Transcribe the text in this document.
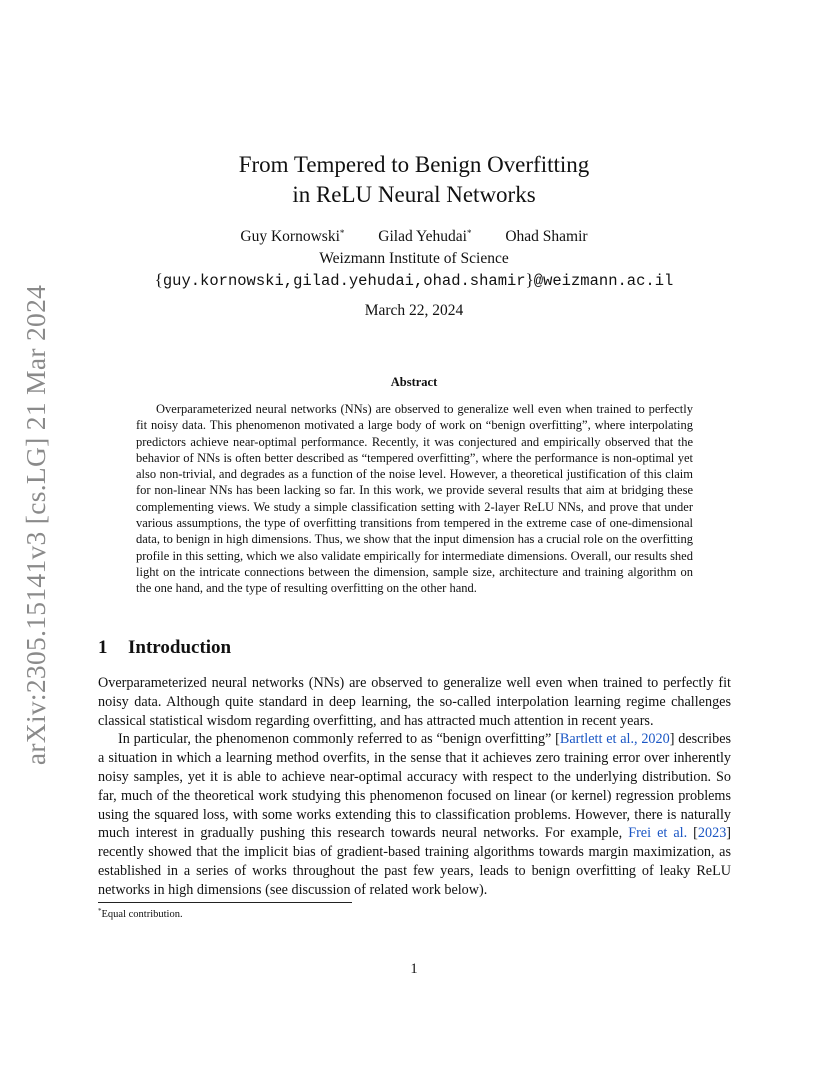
arXiv:2305.15141v3 [cs.LG] 21 Mar 2024
From Tempered to Benign Overfitting
in ReLU Neural Networks
Guy Kornowski* Gilad Yehudai* Ohad Shamir
Weizmann Institute of Science
{guy.kornowski,gilad.yehudai,ohad.shamir}@weizmann.ac.il
March 22, 2024
Abstract

Overparameterized neural networks (NNs) are observed to generalize well even when trained to perfectly fit noisy data. This phenomenon motivated a large body of work on “benign overfitting”, where interpolating predictors achieve near-optimal performance. Recently, it was conjectured and empirically observed that the behavior of NNs is often better described as “tempered overfitting”, where the performance is non-optimal yet also non-trivial, and degrades as a function of the noise level. However, a theoretical justification of this claim for non-linear NNs has been lacking so far. In this work, we provide several results that aim at bridging these complementing views. We study a simple classification setting with 2-layer ReLU NNs, and prove that under various assumptions, the type of overfitting transitions from tempered in the extreme case of one-dimensional data, to benign in high dimensions. Thus, we show that the input dimension has a crucial role on the overfitting profile in this setting, which we also validate empirically for intermediate dimensions. Overall, our results shed light on the intricate connections between the dimension, sample size, architecture and training algorithm on the one hand, and the type of resulting overfitting on the other hand.

1 Introduction

Overparameterized neural networks (NNs) are observed to generalize well even when trained to perfectly fit noisy data. Although quite standard in deep learning, the so-called interpolation learning regime challenges classical statistical wisdom regarding overfitting, and has attracted much attention in recent years.

In particular, the phenomenon commonly referred to as “benign overfitting” [Bartlett et al., 2020] describes a situation in which a learning method overfits, in the sense that it achieves zero training error over inherently noisy samples, yet it is able to achieve near-optimal accuracy with respect to the underlying distribution. So far, much of the theoretical work studying this phenomenon focused on linear (or kernel) regression problems using the squared loss, with some works extending this to classification problems. However, there is naturally much interest in gradually pushing this research towards neural networks. For example, Frei et al. [2023] recently showed that the implicit bias of gradient-based training algorithms towards margin maximization, as established in a series of works throughout the past few years, leads to benign overfitting of leaky ReLU networks in high dimensions (see discussion of related work below).

*Equal contribution.
1
